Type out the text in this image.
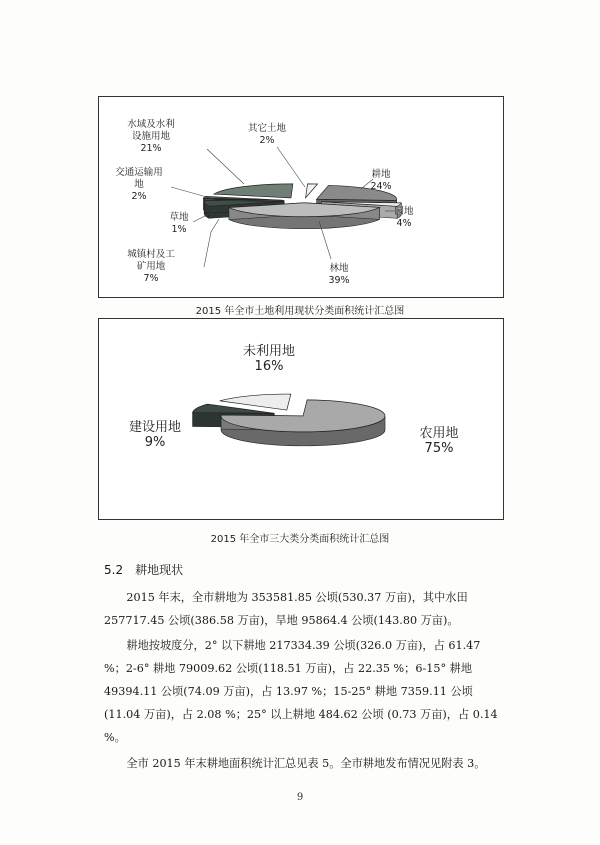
耕地
24%
园地
4%
林地
39%
城镇村及工
矿用地
7%
草地
1%
交通运输用
地
2%
水域及水利
设施用地
21%
其它土地
2%
2015 年全市土地利用现状分类面积统计汇总图
农用地
75%
建设用地
9%
未利用地
16%
2015 年全市三大类分类面积统计汇总图
5.2 耕地现状
2015 年末，全市耕地为 353581.85 公顷(530.37 万亩)，其中水田 257717.45 公顷(386.58 万亩)，旱地 95864.4 公顷(143.80 万亩)。
耕地按坡度分，2° 以下耕地 217334.39 公顷(326.0 万亩)，占 61.47 %；2-6° 耕地 79009.62 公顷(118.51 万亩)，占 22.35 %；6-15° 耕地 49394.11 公顷(74.09 万亩)，占 13.97 %；15-25° 耕地 7359.11 公顷(11.04 万亩)，占 2.08 %；25° 以上耕地 484.62 公顷 (0.73 万亩)，占 0.14 %。
全市 2015 年末耕地面积统计汇总见表 5。全市耕地发布情况见附表 3。
9
